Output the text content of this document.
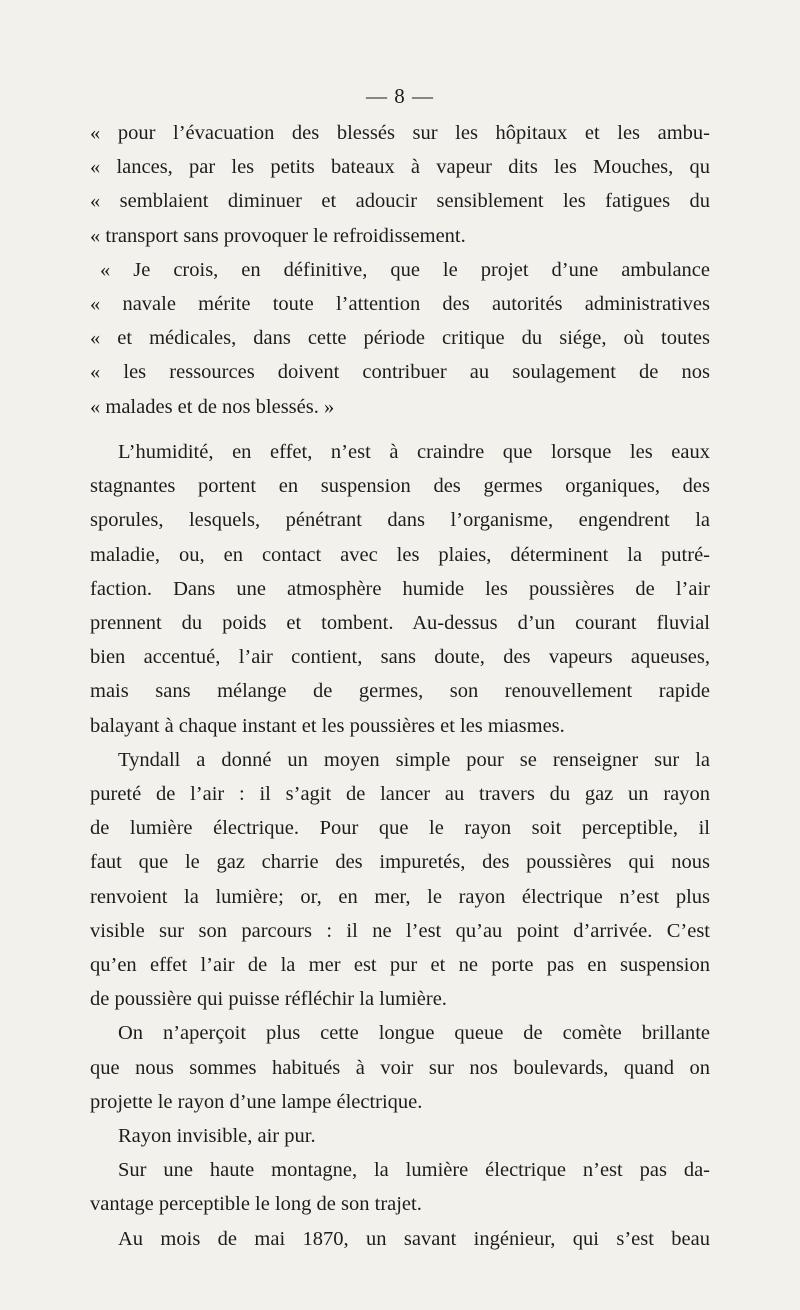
— 8 —
« pour l’évacuation des blessés sur les hôpitaux et les ambu-
« lances, par les petits bateaux à vapeur dits les Mouches, qu
« semblaient diminuer et adoucir sensiblement les fatigues du
« transport sans provoquer le refroidissement.
« Je crois, en définitive, que le projet d’une ambulance
« navale mérite toute l’attention des autorités administratives
« et médicales, dans cette période critique du siége, où toutes
« les ressources doivent contribuer au soulagement de nos
« malades et de nos blessés. »
L’humidité, en effet, n’est à craindre que lorsque les eaux
stagnantes portent en suspension des germes organiques, des
sporules, lesquels, pénétrant dans l’organisme, engendrent la
maladie, ou, en contact avec les plaies, déterminent la putré-
faction. Dans une atmosphère humide les poussières de l’air
prennent du poids et tombent. Au-dessus d’un courant fluvial
bien accentué, l’air contient, sans doute, des vapeurs aqueuses,
mais sans mélange de germes, son renouvellement rapide
balayant à chaque instant et les poussières et les miasmes.
Tyndall a donné un moyen simple pour se renseigner sur la
pureté de l’air : il s’agit de lancer au travers du gaz un rayon
de lumière électrique. Pour que le rayon soit perceptible, il
faut que le gaz charrie des impuretés, des poussières qui nous
renvoient la lumière; or, en mer, le rayon électrique n’est plus
visible sur son parcours : il ne l’est qu’au point d’arrivée. C’est
qu’en effet l’air de la mer est pur et ne porte pas en suspension
de poussière qui puisse réfléchir la lumière.
On n’aperçoit plus cette longue queue de comète brillante
que nous sommes habitués à voir sur nos boulevards, quand on
projette le rayon d’une lampe électrique.
Rayon invisible, air pur.
Sur une haute montagne, la lumière électrique n’est pas da-
vantage perceptible le long de son trajet.
Au mois de mai 1870, un savant ingénieur, qui s’est beau
